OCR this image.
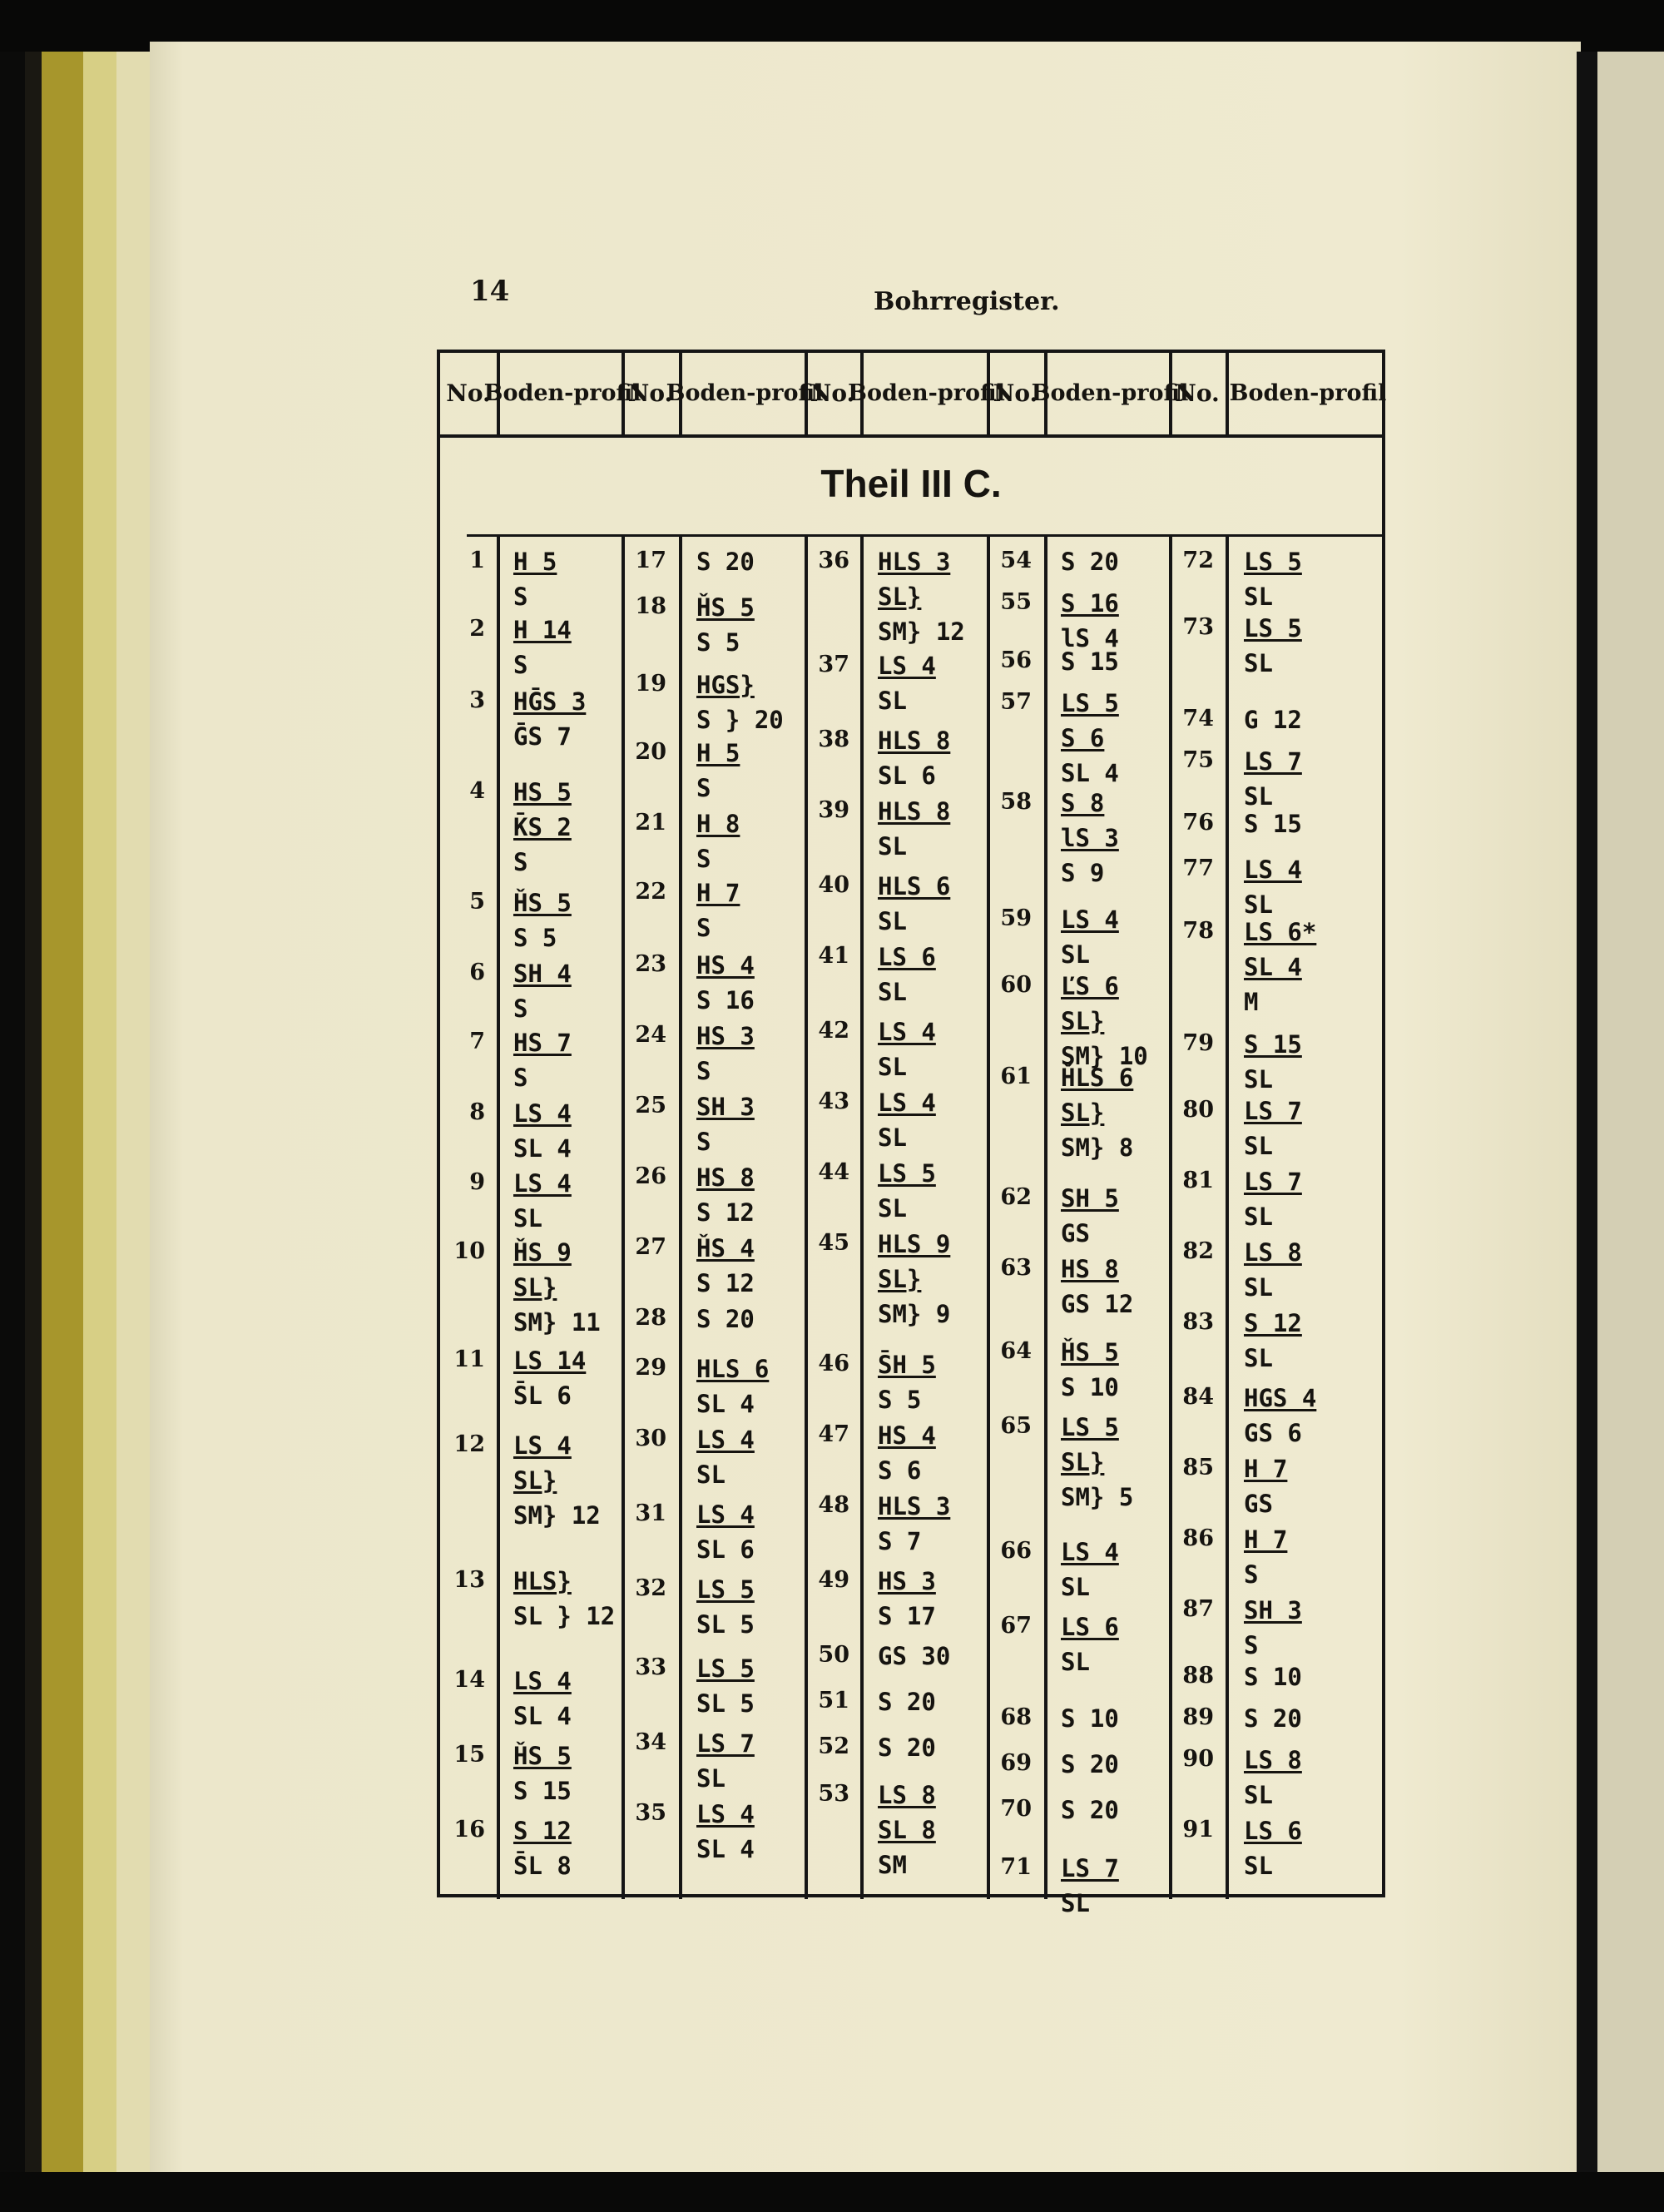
14	Bohrregister.
Theil III C.
No.
Boden- profil
No.
Boden- profil
No.
Boden- profil
No.
Boden- profil
No. Boden- profil
1 H 5
S
2 H 14
S
3 HḠS 3
ḠS 7
4 HS 5
K̄S 2
S
5 ȞS 5
S 5
6 SH 4
S
7 HS 7
S
8 LS 4
SL 4
9 LS 4
SL
10 ȞS 9
SL}
SM} 11
11 LS 14
S̄L 6
12 LS 4
SL}
SM} 12
13 HLS}
SL } 12
14 LS 4
SL 4
15 ȞS 5
S 15
16 S 12
S̄L 8
17 S 20
18 ȞS 5
S 5
19 HGS}
S } 20
20 H 5
S
21 H 8
S
22 H 7
S
23 HS 4
S 16
24 HS 3
S
25 SH 3
S
26 HS 8
S 12
27 ȞS 4
S 12
28 S 20
29 HLS 6
SL 4
30 LS 4
SL
31 LS 4
SL 6
32 LS 5
SL 5
33 LS 5
SL 5
34 LS 7
SL
35 LS 4
SL 4
36 HLS 3
SL}
SM} 12
37 LS 4
SL
38 HLS 8
SL 6
39 HLS 8
SL
40 HLS 6
SL
41 LS 6
SL
42 LS 4
SL
43 LS 4
SL
44 LS 5
SL
45 HLS 9
SL}
SM} 9
46 S̄H 5
S 5
47 HS 4
S 6
48 HLS 3
S 7
49 HS 3
S 17
50 GS 30
51 S 20
52 S 20
53 LS 8
SL 8
SM
54 S 20
55 S 16
lS 4
56 S 15
57 LS 5
S 6
SL 4
58 S 8
lS 3
S 9
59 LS 4
SL
60 ĽS 6
SL}
SM} 10
61 ȞLS 6
SL}
SM} 8
62 SH 5
GS
63 HS 8
GS 12
64 ȞS 5
S 10
65 LS 5
SL}
SM} 5
66 LS 4
SL
67 LS 6
SL
68 S 10
69 S 20
70 S 20
71 LS 7
SL
72 LS 5
SL
73 LS 5
SL
74 G 12
75 LS 7
SL
76 S 15
77 LS 4
SL
78 LS 6*
SL 4
M
79 S 15
SL
80 LS 7
SL
81 LS 7
SL
82 LS 8
SL
83 S 12
SL
84 HGS 4
GS 6
85 H 7
GS
86 H 7
S
87 SH 3
S
88 S 10
89 S 20
90 LS 8
SL
91 LS 6
SL
